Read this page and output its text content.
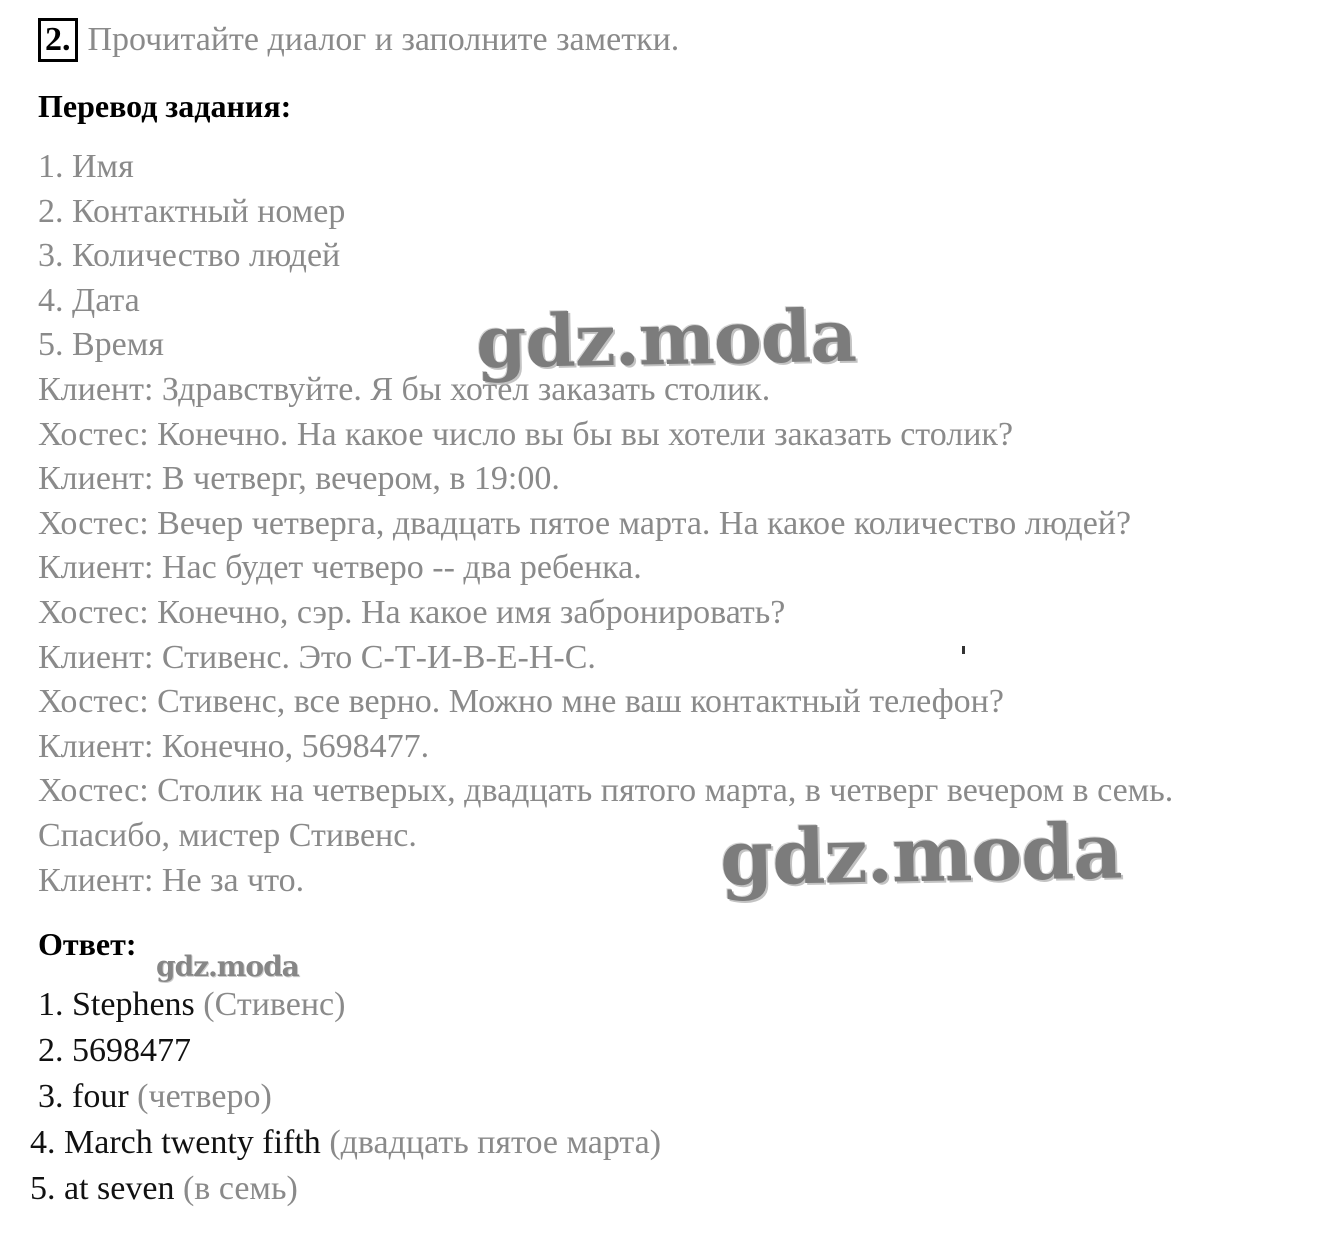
2. Прочитайте диалог и заполните заметки.
Перевод задания:
1. Имя
2. Контактный номер
3. Количество людей
4. Дата
5. Время
Клиент: Здравствуйте. Я бы хотел заказать столик.
Хостес: Конечно. На какое число вы бы вы хотели заказать столик?
Клиент: В четверг, вечером, в 19:00.
Хостес: Вечер четверга, двадцать пятое марта. На какое количество людей?
Клиент: Нас будет четверо -- два ребенка.
Хостес: Конечно, сэр. На какое имя забронировать?
Клиент: Стивенс. Это С-Т-И-В-Е-Н-С.
Хостес: Стивенс, все верно. Можно мне ваш контактный телефон?
Клиент: Конечно, 5698477.
Хостес: Столик на четверых, двадцать пятого марта, в четверг вечером в семь. Спасибо, мистер Стивенс.
Клиент: Не за что.
Ответ:
1. Stephens (Стивенс)
2. 5698477
3. four (четверо)
4. March twenty fifth (двадцать пятое марта)
5. at seven (в семь)
gdz.moda
gdz.moda
gdz.moda
